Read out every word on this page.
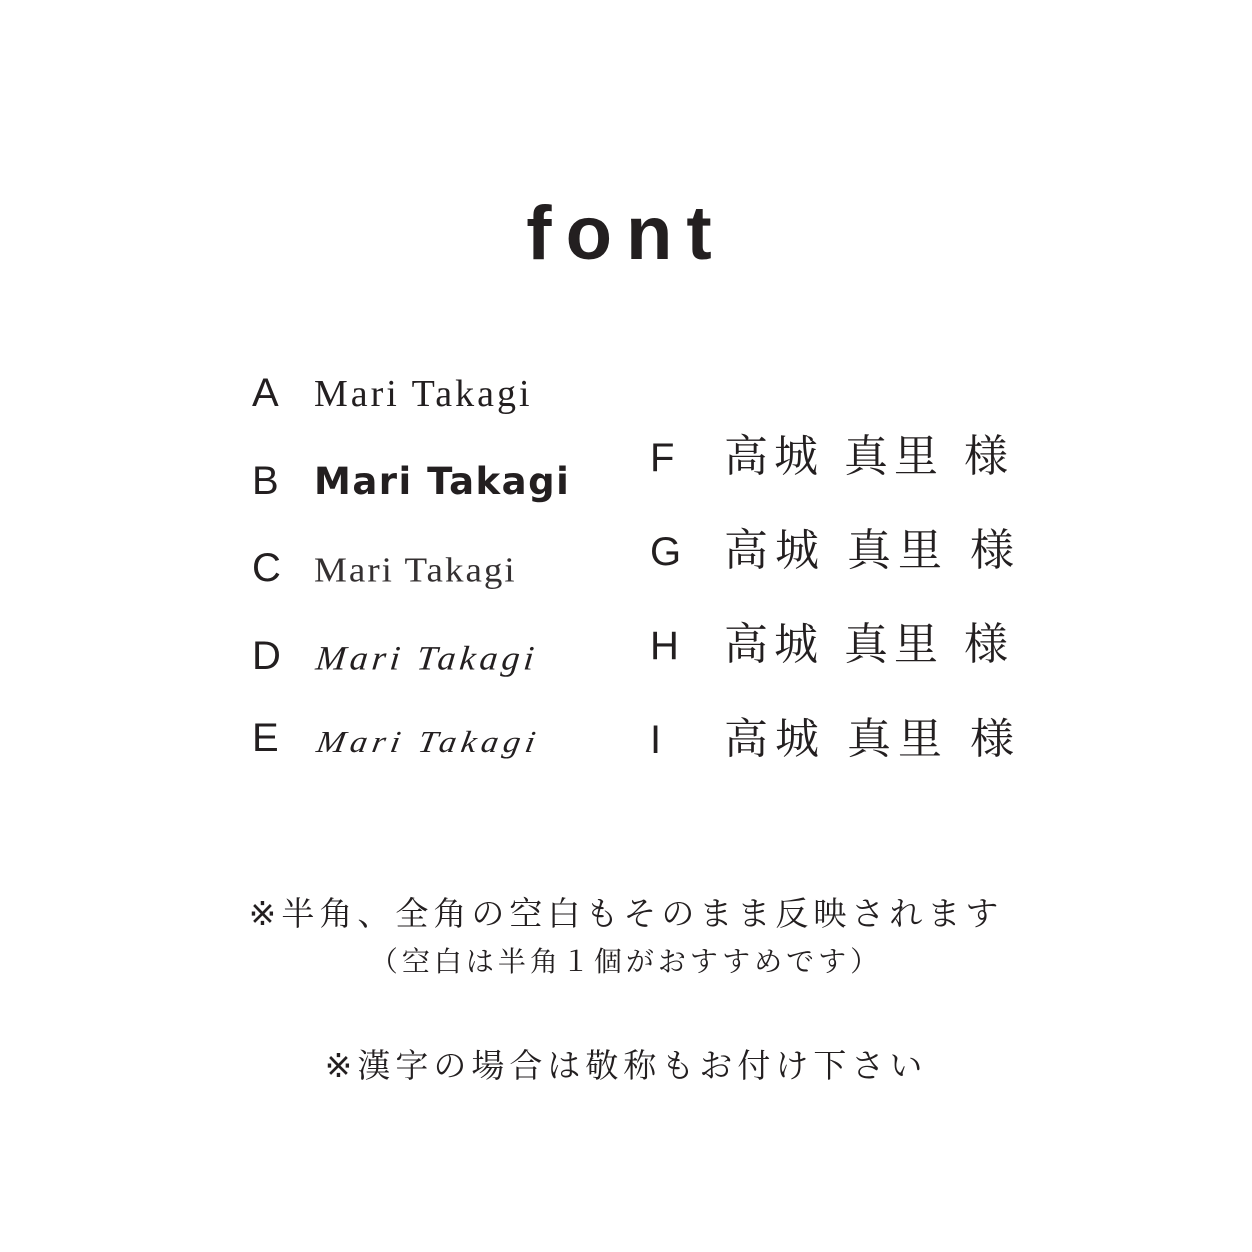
font
A Mari Takagi
B Mari Takagi
C Mari Takagi
D Mari Takagi
E	Mari Takagi
F	高城 真里 様
G 高城 真里 様
H	高城 真里 様
I	高城 真里 様
※半角、全角の空白もそのまま反映されます
（空白は半角１個がおすすめです）
※漢字の場合は敬称もお付け下さい
